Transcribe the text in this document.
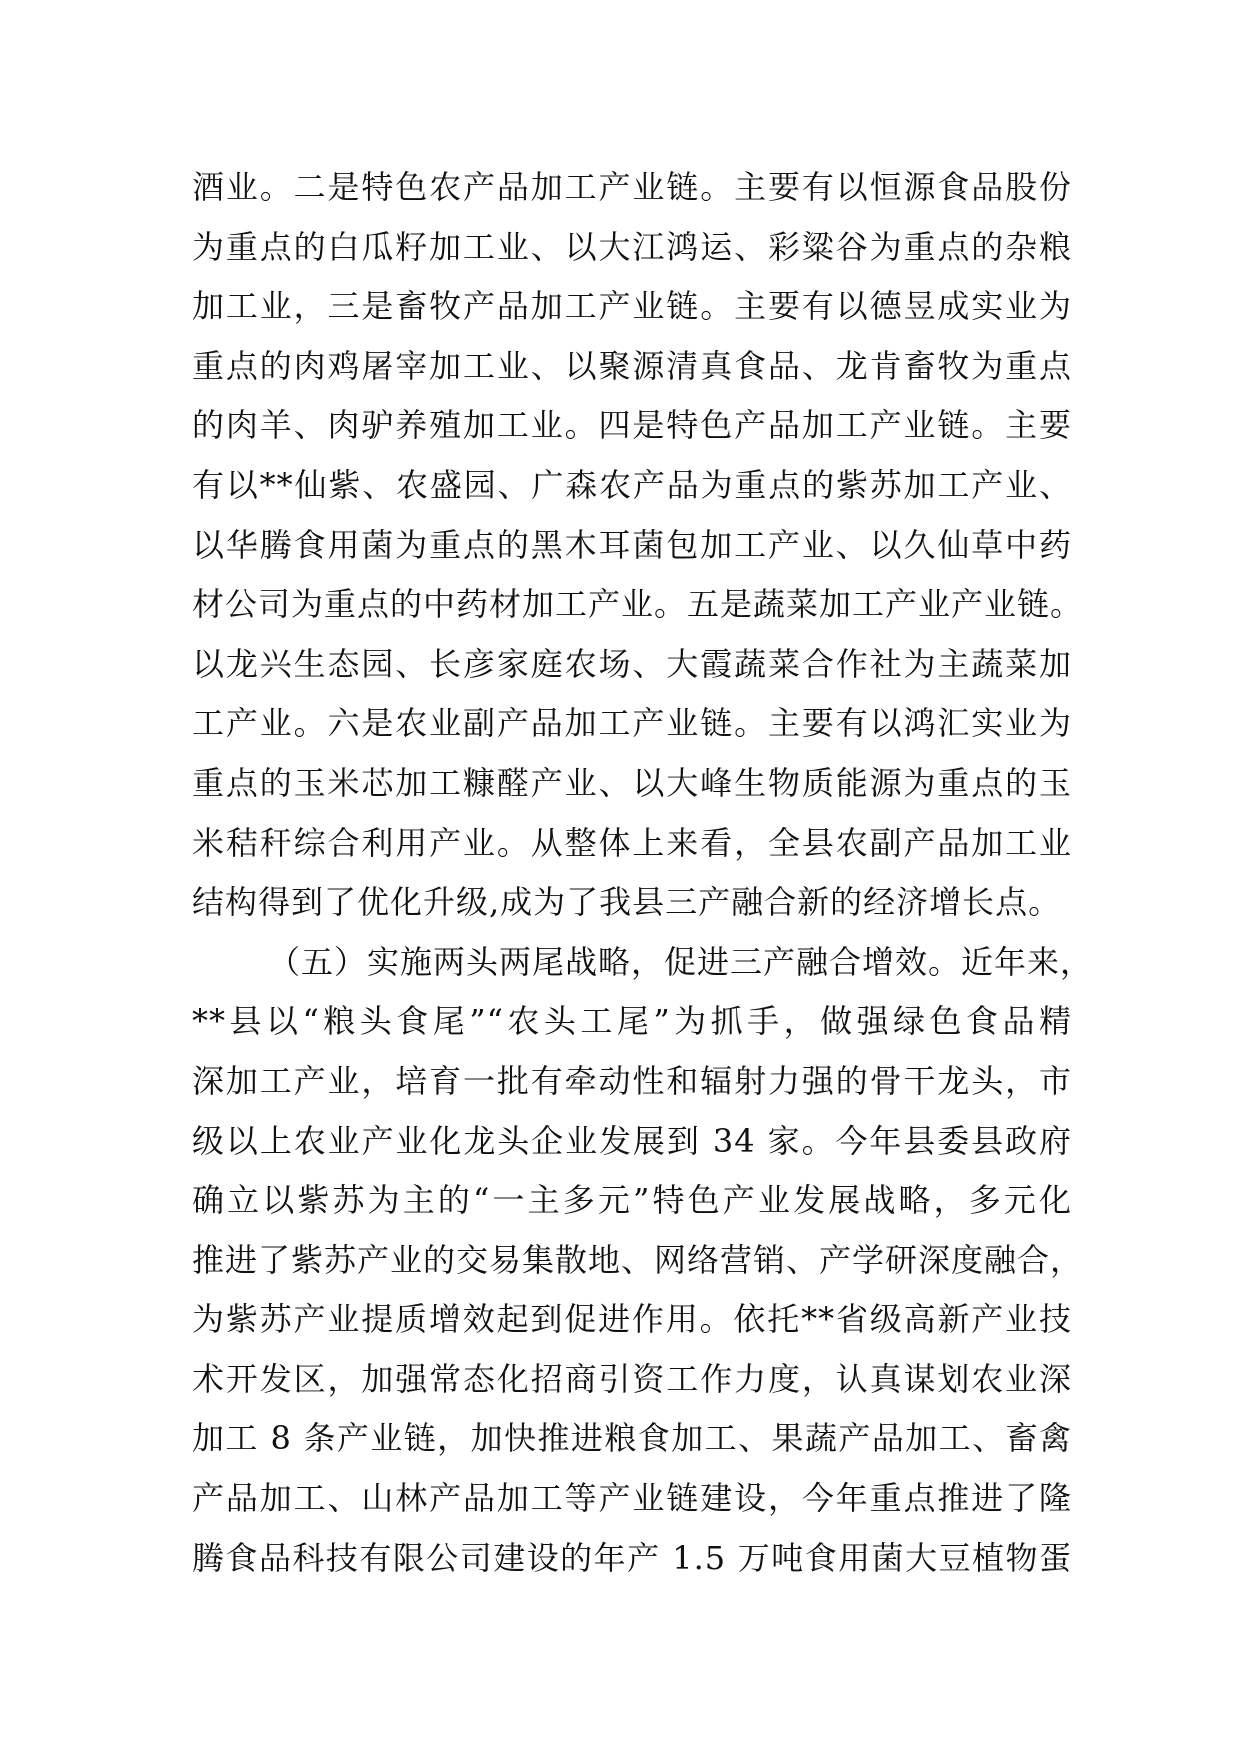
酒业。二是特色农产品加工产业链。主要有以恒源食品股份
为重点的白瓜籽加工业、以大江鸿运、彩粱谷为重点的杂粮
加工业，三是畜牧产品加工产业链。主要有以德昱成实业为
重点的肉鸡屠宰加工业、以聚源清真食品、龙肯畜牧为重点
的肉羊、肉驴养殖加工业。四是特色产品加工产业链。主要
有以**仙紫、农盛园、广森农产品为重点的紫苏加工产业、
以华腾食用菌为重点的黑木耳菌包加工产业、以久仙草中药
材公司为重点的中药材加工产业。五是蔬菜加工产业产业链。
以龙兴生态园、长彦家庭农场、大霞蔬菜合作社为主蔬菜加
工产业。六是农业副产品加工产业链。主要有以鸿汇实业为
重点的玉米芯加工糠醛产业、以大峰生物质能源为重点的玉
米秸秆综合利用产业。从整体上来看，全县农副产品加工业
结构得到了优化升级,成为了我县三产融合新的经济增长点。
（五）实施两头两尾战略，促进三产融合增效。近年来，
**县以“粮头食尾”“农头工尾”为抓手，做强绿色食品精
深加工产业，培育一批有牵动性和辐射力强的骨干龙头，市
级以上农业产业化龙头企业发展到 34 家。今年县委县政府
确立以紫苏为主的“一主多元”特色产业发展战略，多元化
推进了紫苏产业的交易集散地、网络营销、产学研深度融合，
为紫苏产业提质增效起到促进作用。依托**省级高新产业技
术开发区，加强常态化招商引资工作力度，认真谋划农业深
加工 8 条产业链，加快推进粮食加工、果蔬产品加工、畜禽
产品加工、山林产品加工等产业链建设，今年重点推进了隆
腾食品科技有限公司建设的年产 1.5 万吨食用菌大豆植物蛋
